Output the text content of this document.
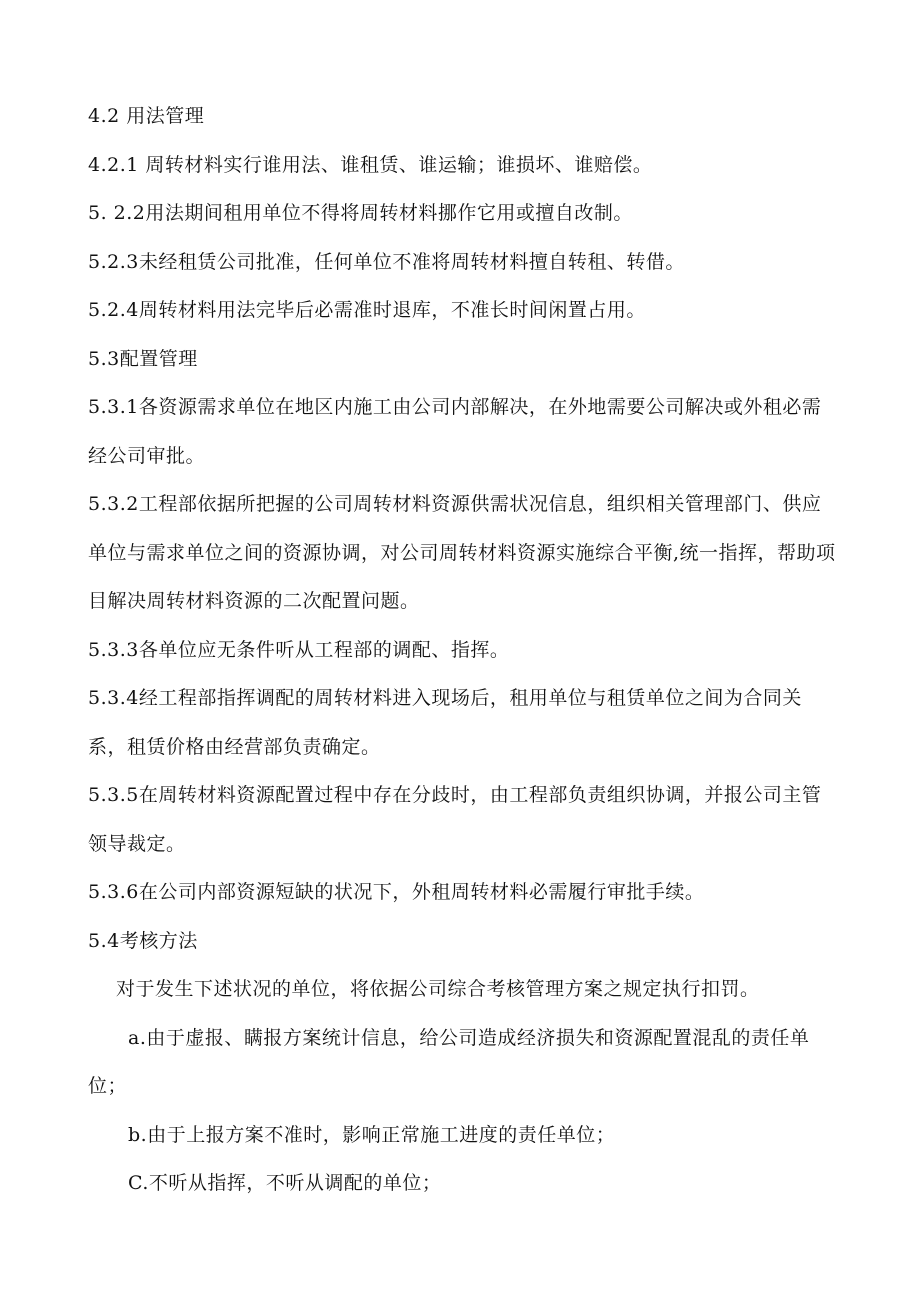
4.2 用法管理

4.2.1 周转材料实行谁用法、谁租赁、谁运输；谁损坏、谁赔偿。

5. 2.2用法期间租用单位不得将周转材料挪作它用或擅自改制。

5.2.3未经租赁公司批准，任何单位不准将周转材料擅自转租、转借。

5.2.4周转材料用法完毕后必需准时退库，不准长时间闲置占用。

5.3配置管理

5.3.1各资源需求单位在地区内施工由公司内部解决，在外地需要公司解决或外租必需经公司审批。

5.3.2工程部依据所把握的公司周转材料资源供需状况信息，组织相关管理部门、供应单位与需求单位之间的资源协调，对公司周转材料资源实施综合平衡,统一指挥，帮助项目解决周转材料资源的二次配置问题。

5.3.3各单位应无条件听从工程部的调配、指挥。

5.3.4经工程部指挥调配的周转材料进入现场后，租用单位与租赁单位之间为合同关系，租赁价格由经营部负责确定。

5.3.5在周转材料资源配置过程中存在分歧时，由工程部负责组织协调，并报公司主管领导裁定。

5.3.6在公司内部资源短缺的状况下，外租周转材料必需履行审批手续。

5.4考核方法

对于发生下述状况的单位，将依据公司综合考核管理方案之规定执行扣罚。

a.由于虚报、瞒报方案统计信息，给公司造成经济损失和资源配置混乱的责任单位；

b.由于上报方案不准时，影响正常施工进度的责任单位；

C.不听从指挥，不听从调配的单位；
